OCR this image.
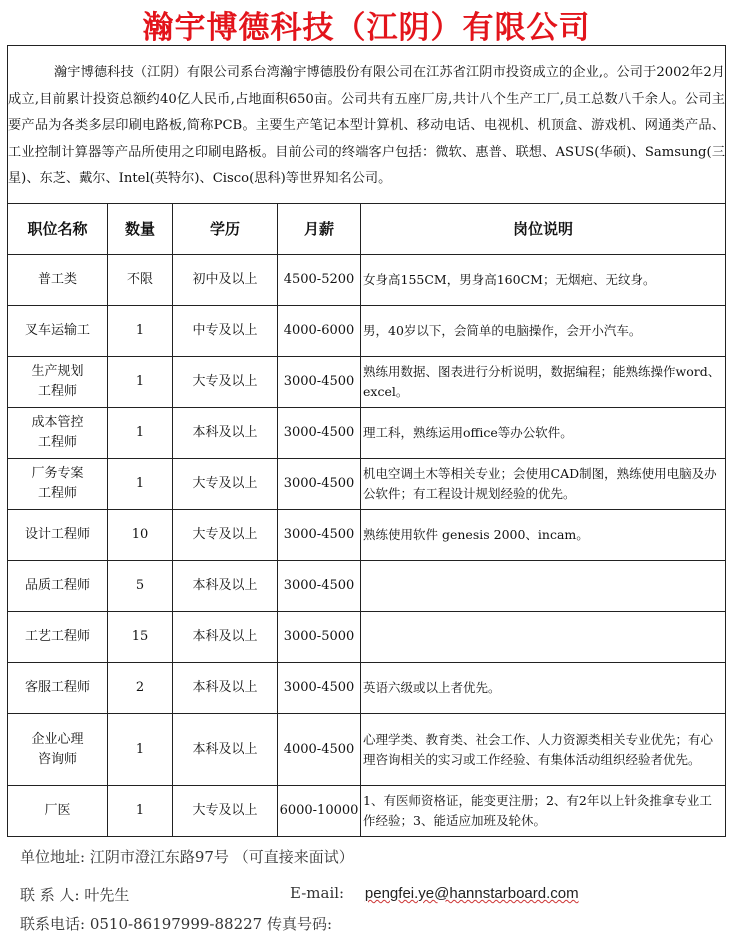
瀚宇博德科技（江阴）有限公司
瀚宇博德科技（江阴）有限公司系台湾瀚宇博德股份有限公司在江苏省江阴市投资成立的企业,。公司于2002年2月成立,目前累计投资总额约40亿人民币,占地面积650亩。公司共有五座厂房,共计八个生产工厂,员工总数八千余人。公司主要产品为各类多层印刷电路板,简称PCB。主要生产笔记本型计算机、移动电话、电视机、机顶盒、游戏机、网通类产品、工业控制计算器等产品所使用之印刷电路板。目前公司的终端客户包括：微软、惠普、联想、ASUS(华硕)、Samsung(三星)、东芝、戴尔、Intel(英特尔)、Cisco(思科)等世界知名公司。
职位名称	数量	学历	月薪	岗位说明
普工类	不限	初中及以上	4500-5200	女身高155CM，男身高160CM；无烟疤、无纹身。
叉车运输工	1	中专及以上	4000-6000	男，40岁以下，会简单的电脑操作，会开小汽车。
生产规划工程师	1	大专及以上	3000-4500	熟练用数据、图表进行分析说明，数据编程；能熟练操作word、excel。
成本管控工程师	1	本科及以上	3000-4500	理工科，熟练运用office等办公软件。
厂务专案工程师	1	大专及以上	3000-4500	机电空调土木等相关专业；会使用CAD制图，熟练使用电脑及办公软件；有工程设计规划经验的优先。
设计工程师	10	大专及以上	3000-4500	熟练使用软件 genesis 2000、incam。
品质工程师	5	本科及以上	3000-4500	
工艺工程师	15	本科及以上	3000-5000	
客服工程师	2	本科及以上	3000-4500	英语六级或以上者优先。
企业心理咨询师	1	本科及以上	4000-4500	心理学类、教育类、社会工作、人力资源类相关专业优先；有心理咨询相关的实习或工作经验、有集体活动组织经验者优先。
厂医	1	大专及以上	6000-10000	1、有医师资格证，能变更注册；2、有2年以上针灸推拿专业工作经验；3、能适应加班及轮休。
单位地址: 江阴市澄江东路97号 （可直接来面试）
联 系 人: 叶先生	E-mail: pengfei.ye@hannstarboard.com
联系电话: 0510-86197999-88227 传真号码:
